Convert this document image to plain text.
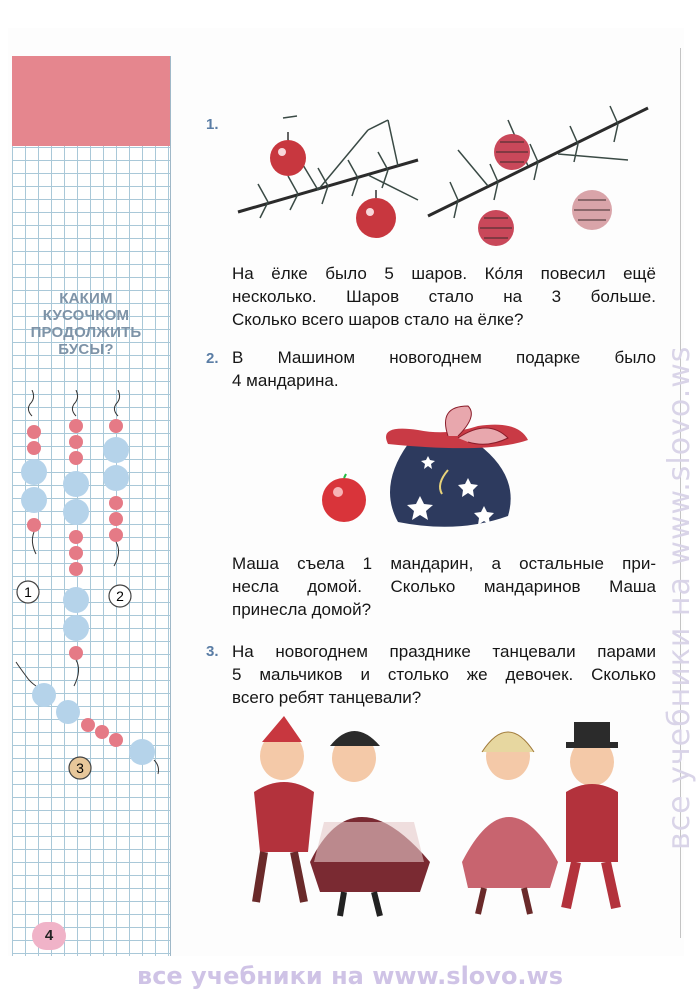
КАКИМ
КУСОЧКОМ
ПРОДОЛЖИТЬ
БУСЫ?
1	2
3
4
1.
На ёлке было 5 шаров. Ко́ля повесил ещё
несколько. Шаров стало на 3 больше.
Сколько всего шаров стало на ёлке?
2. В Машином новогоднем подарке было
4 мандарина.
Маша съела 1 мандарин, а остальные при-
несла домой. Сколько мандаринов Маша
принесла домой?
3. На новогоднем празднике танцевали парами
5 мальчиков и столько же девочек. Сколько
всего ребят танцевали?	все учебники на www.slovo.ws
все учебники на www.slovo.ws
